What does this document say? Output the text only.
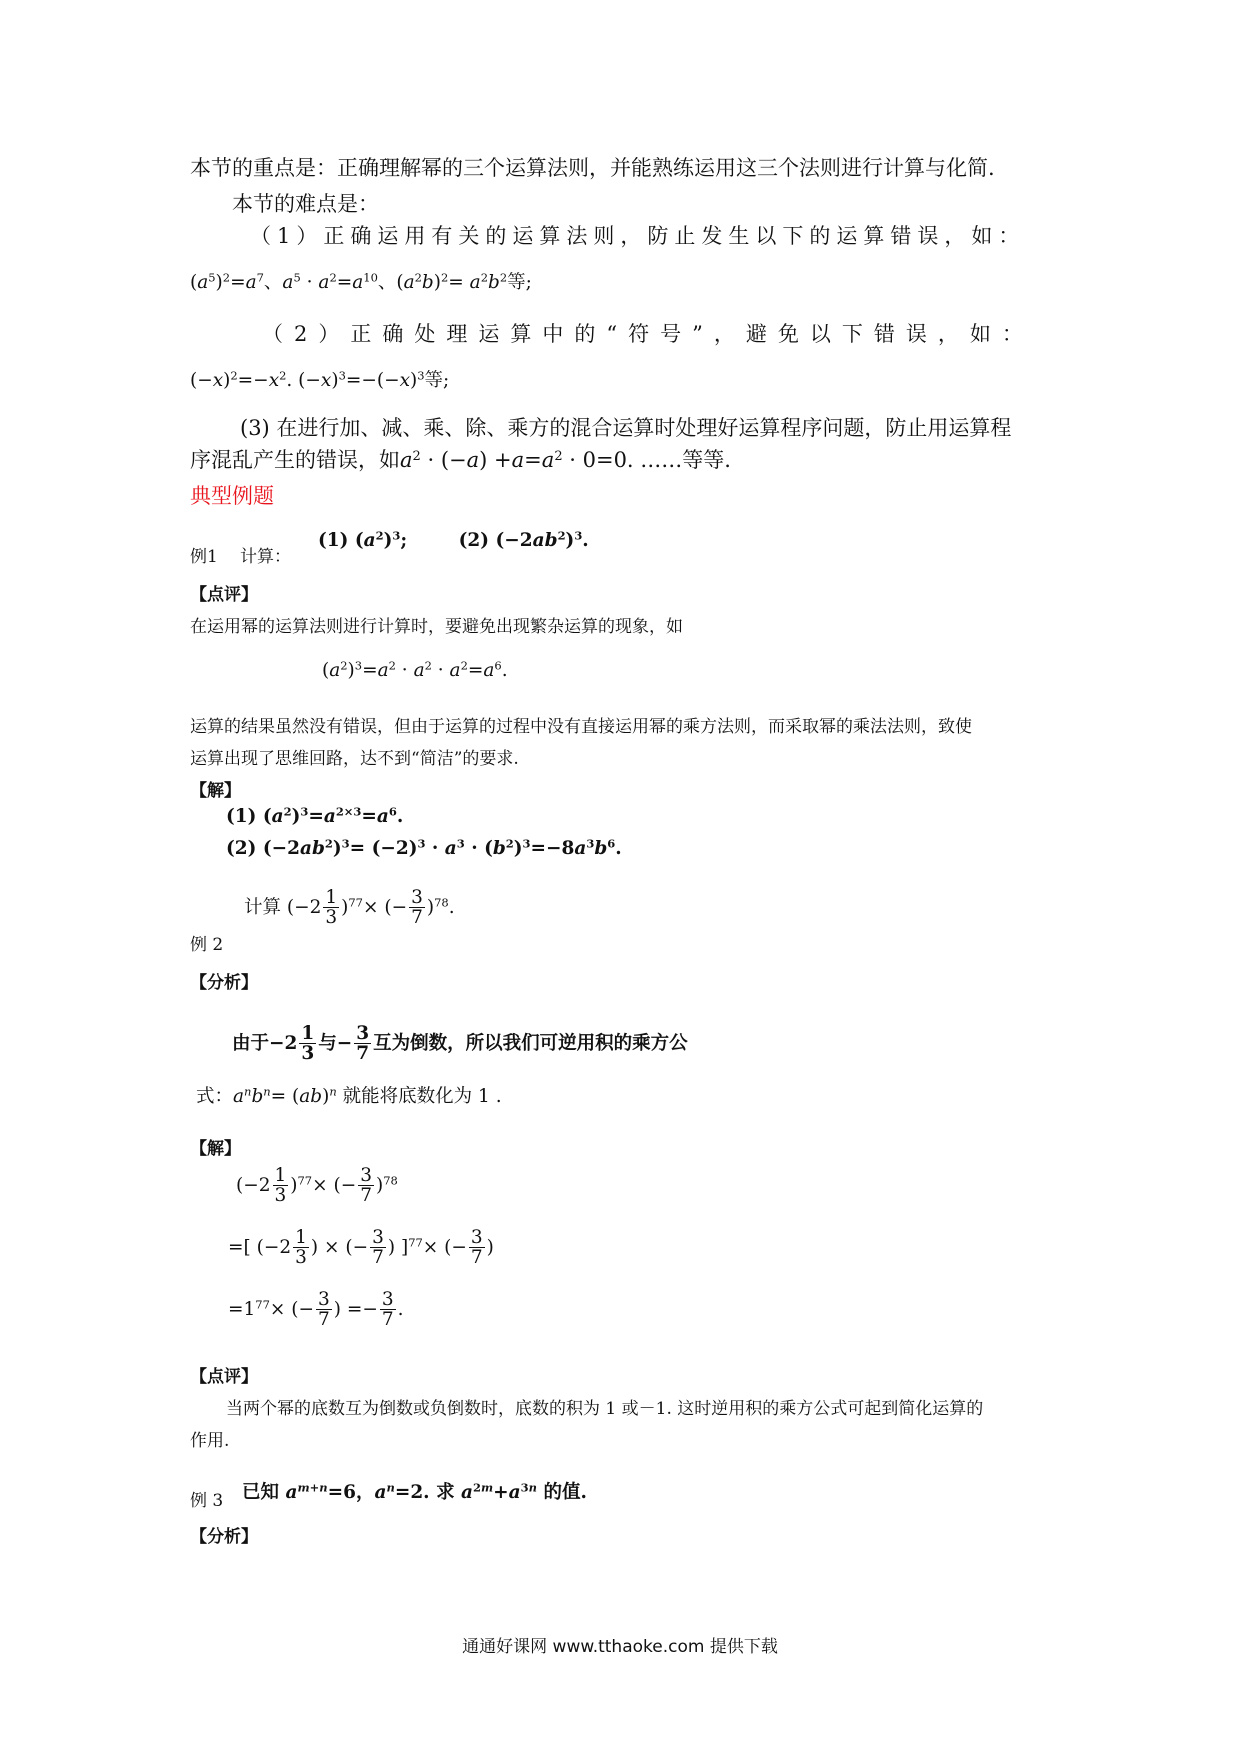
本节的重点是：正确理解幂的三个运算法则，并能熟练运用这三个法则进行计算与化简.
本节的难点是：
（1）正确运用有关的运算法则，防止发生以下的运算错误，如：
$(a^5)^2=a^7$、$a^5 \cdot a^2=a^{10}$、$(a^2b)^2= a^2b^2$等;
（2）正确处理运算中的“符号”，避免以下错误，如：
$(-x)^2=-x^2$. $(-x)^3=-(-x)^3$等;
(3) 在进行加、减、乘、除、乘方的混合运算时处理好运算程序问题，防止用运算程
序混乱产生的错误，如$a^2 \cdot (-a) +a=a^2 \cdot 0=0$. ……等等.
典型例题
例1 计算：
(1) $(a^2)^3$;        (2) $(-2ab^2)^3$.
【点评】
在运用幂的运算法则进行计算时，要避免出现繁杂运算的现象，如
$(a^2)^3=a^2 \cdot a^2 \cdot a^2=a^6$.
运算的结果虽然没有错误，但由于运算的过程中没有直接运用幂的乘方法则，而采取幂的乘法法则，致使
运算出现了思维回路，达不到“简洁”的要求.
【解】
(1) $(a^2)^3=a^{2\times 3}=a^6$.
(2) $(-2ab^2)^3= (-2)^3 \cdot a^3 \cdot (b^2)^3=-8a^3b^6$.
计算 $(-2 \frac{1}{3} )^{77}\times$ (− $\frac{3}{7} )^{78}$.
例 2
【分析】
由于$-2 \frac{1}{3}$ 与− $\frac{3}{7}$ 互为倒数，所以我们可逆用积的乘方公
式：$a^nb^n= (ab)^n$ 就能将底数化为 1 .
【解】
$(-2 \frac{1}{3} )^{77}\times$ (− $\frac{3}{7} )^{78}$
=[ ($-2 \frac{1}{3}$ ) × (− $\frac{3}{7}$ ) ]$^{77}$× (− $\frac{3}{7}$ )
$=1^{77}\times$ (− $\frac{3}{7}$ ) =− $\frac{3}{7}$ .
【点评】
当两个幂的底数互为倒数或负倒数时，底数的积为 1 或－1. 这时逆用积的乘方公式可起到简化运算的
作用.
例 3 已知 $a^{m+n}=6$，$a^n=2$. 求 $a^{2m}+a^{3n}$ 的值.
【分析】
通通好课网 www.tthaoke.com 提供下载
